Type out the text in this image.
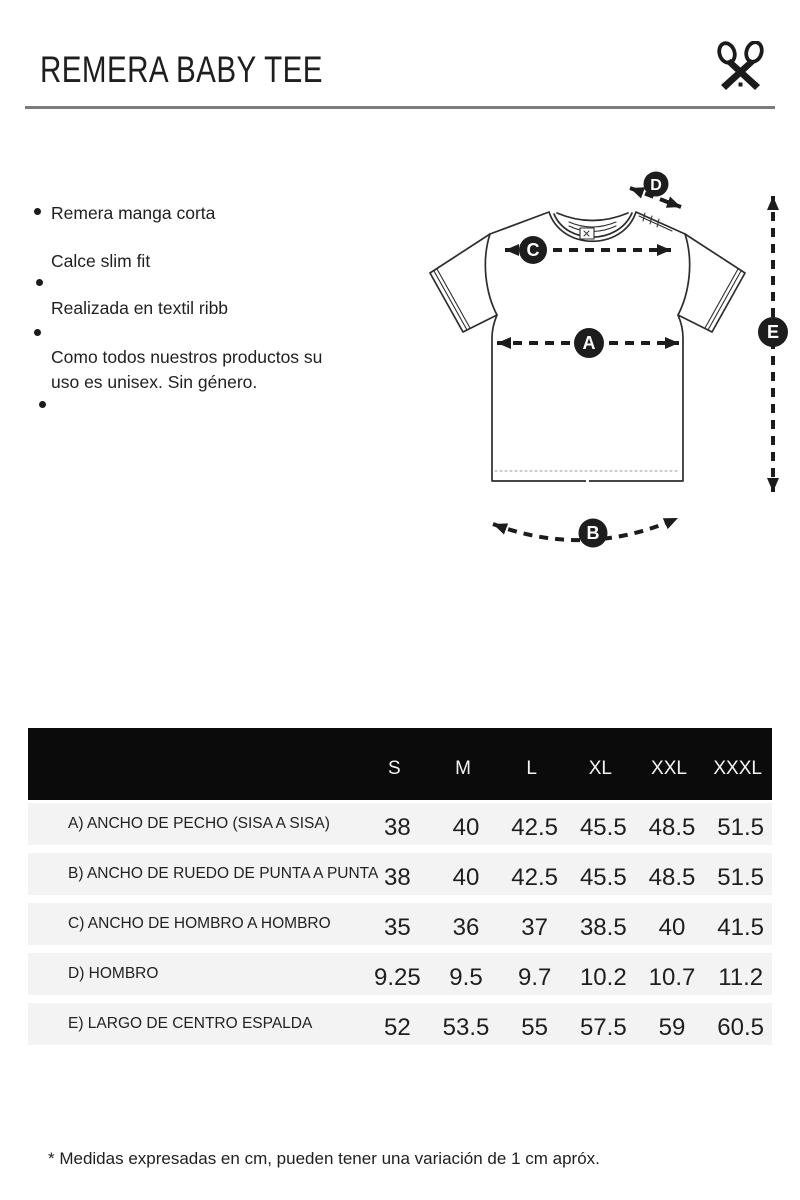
REMERA BABY TEE
Remera manga corta
Calce slim fit
Realizada en textil ribb
Como todos nuestros productos su uso es unisex. Sin género.
C
A
D
E
B
S	M	L	XL	XXL	XXXL
A) ANCHO DE PECHO (SISA A SISA)	38	40	42.5 45.5 48.5 51.5
B) ANCHO DE RUEDO DE PUNTA A PUNTA 38	40	42.5 45.5 48.5 51.5
C) ANCHO DE HOMBRO A HOMBRO	35	36	37	38.5	40	41.5
D) HOMBRO	9.25	9.5	9.7	10.2 10.7 11.2
E) LARGO DE CENTRO ESPALDA	52	53.5	55	57.5	59	60.5

* Medidas expresadas en cm, pueden tener una variación de 1 cm apróx.
